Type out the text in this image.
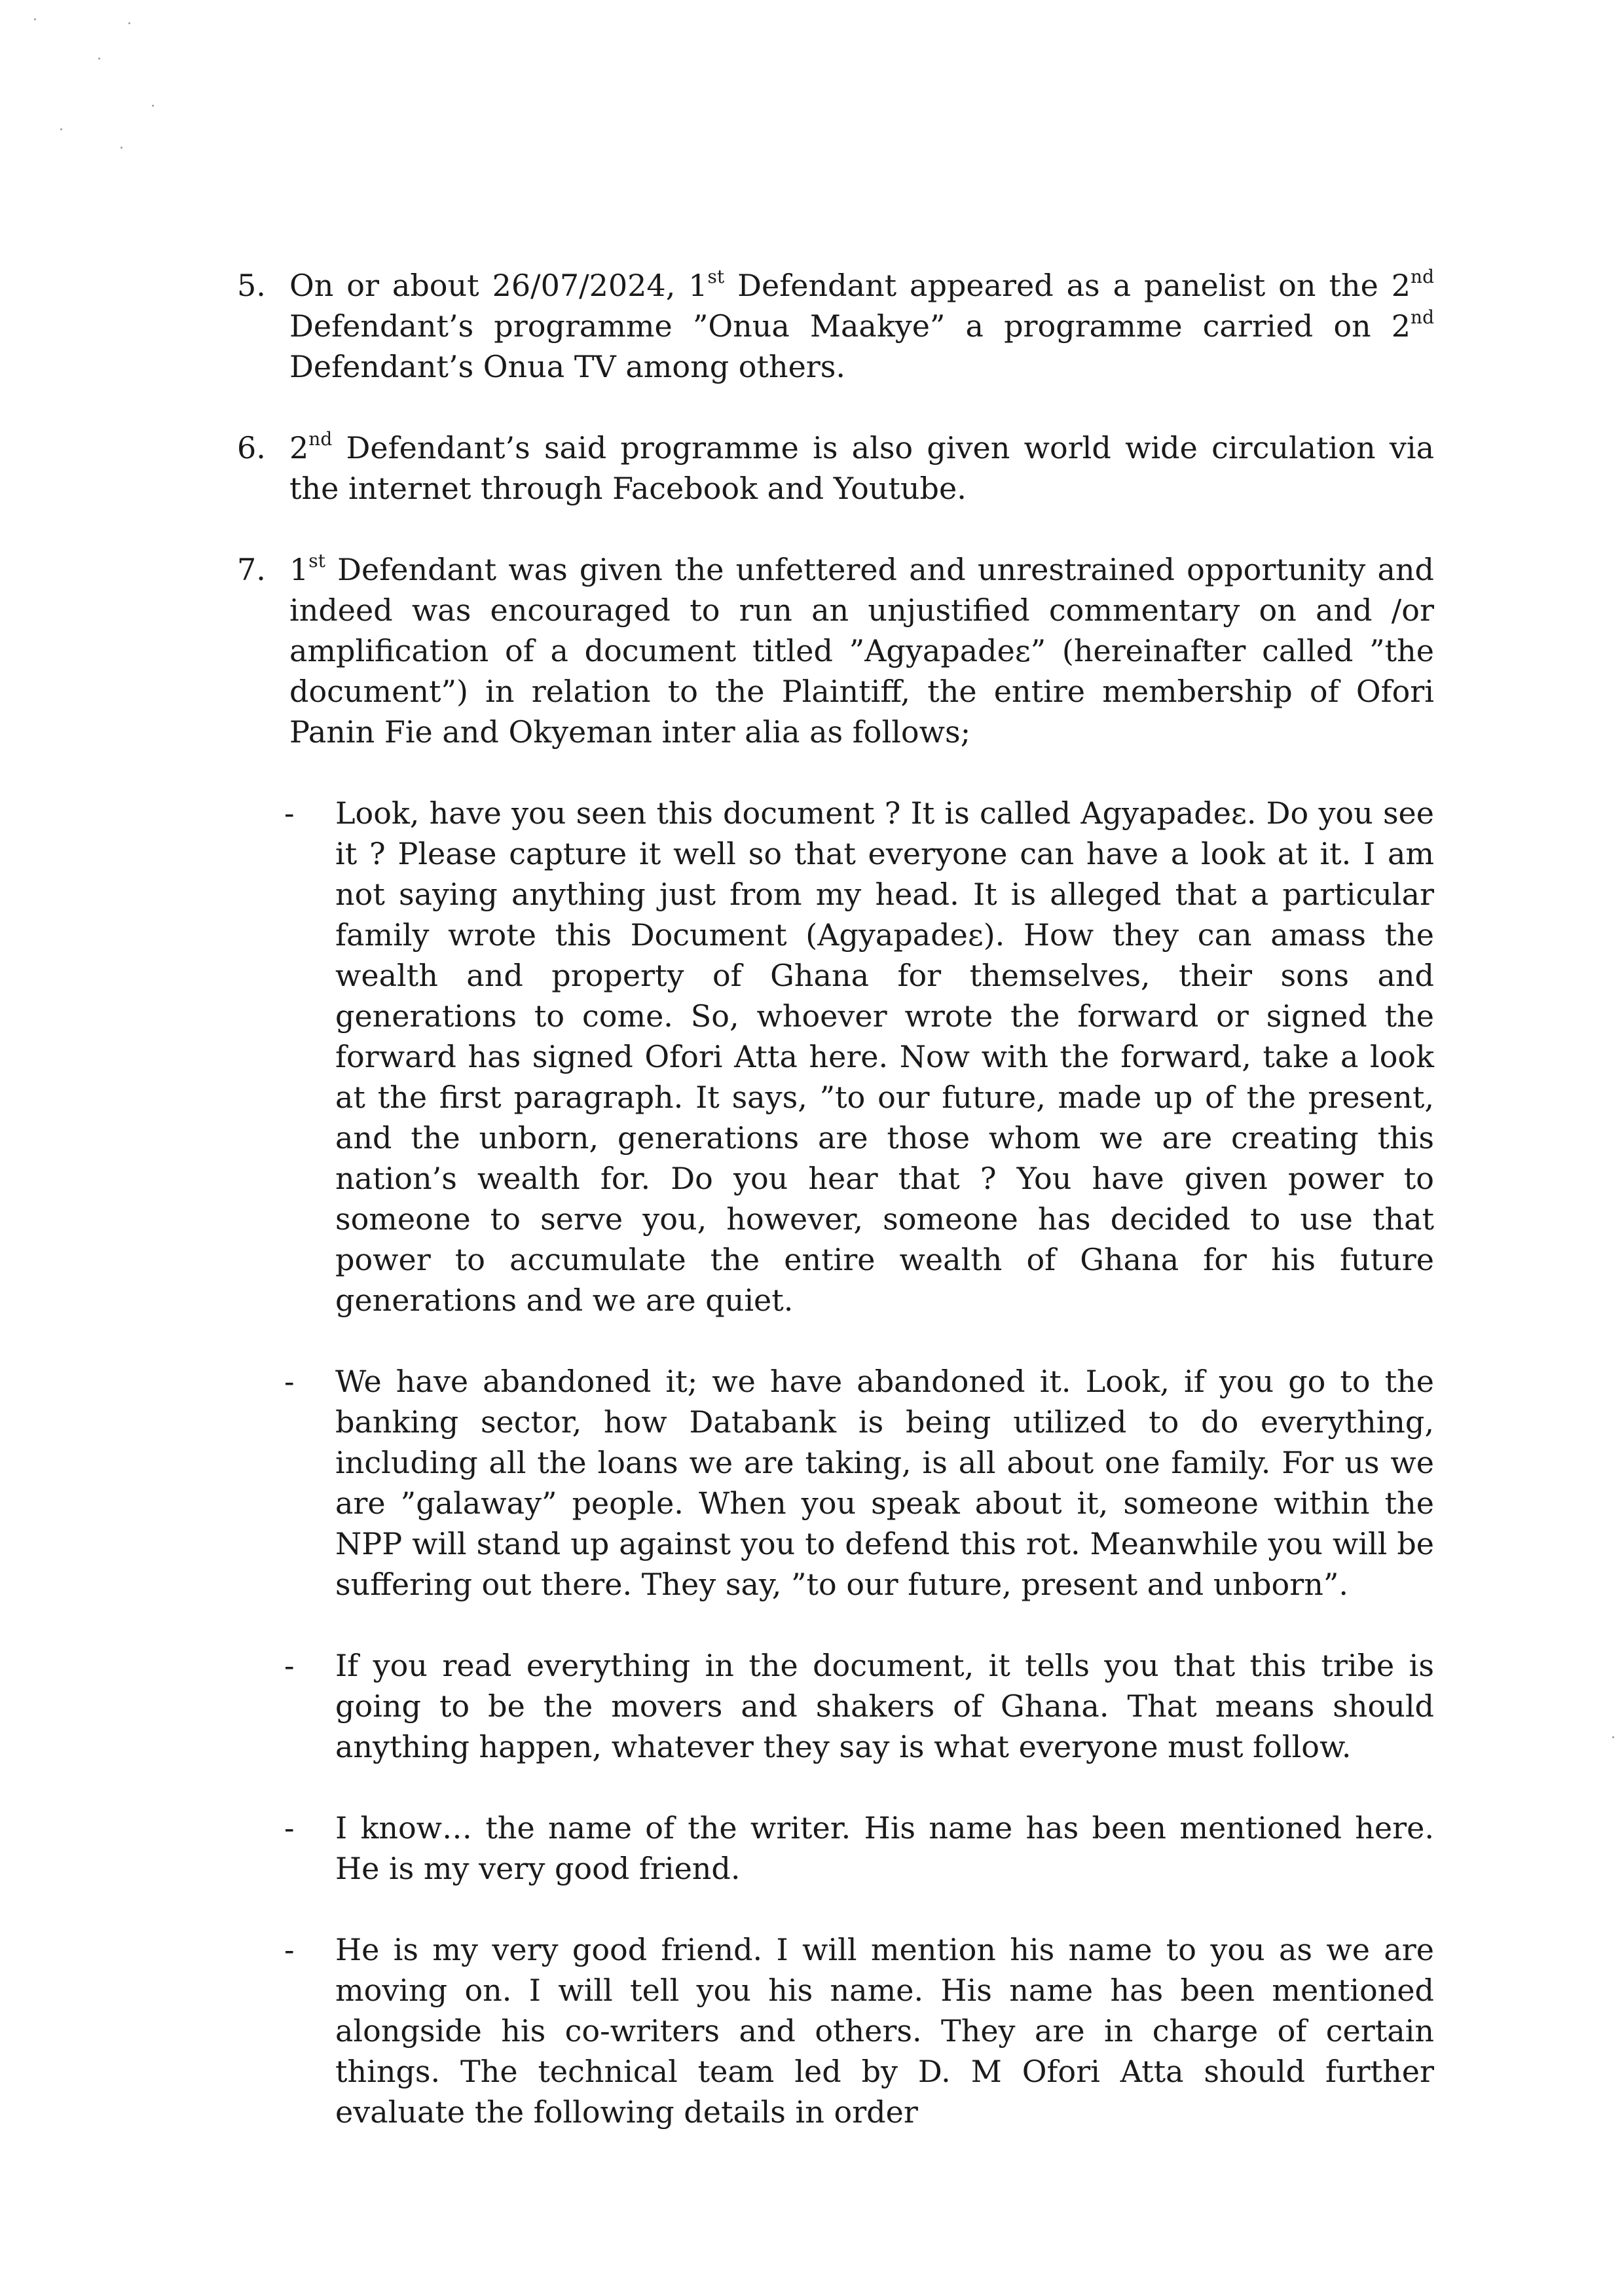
5. On or about 26/07/2024, 1st Defendant appeared as a panelist on the 2nd Defendant’s programme ”Onua Maakye” a programme carried on 2nd Defendant’s Onua TV among others.

6. 2nd Defendant’s said programme is also given world wide circulation via the internet through Facebook and Youtube.

7. 1st Defendant was given the unfettered and unrestrained opportunity and indeed was encouraged to run an unjustified commentary on and /or amplification of a document titled ”Agyapadeɛ” (hereinafter called ”the document”) in relation to the Plaintiff, the entire membership of Ofori Panin Fie and Okyeman inter alia as follows;

- Look, have you seen this document ? It is called Agyapadeɛ. Do you see it ? Please capture it well so that everyone can have a look at it. I am not saying anything just from my head. It is alleged that a particular family wrote this Document (Agyapadeɛ). How they can amass the wealth and property of Ghana for themselves, their sons and generations to come. So, whoever wrote the forward or signed the forward has signed Ofori Atta here. Now with the forward, take a look at the first paragraph. It says, ”to our future, made up of the present, and the unborn, generations are those whom we are creating this nation’s wealth for. Do you hear that ? You have given power to someone to serve you, however, someone has decided to use that power to accumulate the entire wealth of Ghana for his future generations and we are quiet.

- We have abandoned it; we have abandoned it. Look, if you go to the banking sector, how Databank is being utilized to do everything, including all the loans we are taking, is all about one family. For us we are ”galaway” people. When you speak about it, someone within the NPP will stand up against you to defend this rot. Meanwhile you will be suffering out there. They say, ”to our future, present and unborn”.

- If you read everything in the document, it tells you that this tribe is going to be the movers and shakers of Ghana. That means should anything happen, whatever they say is what everyone must follow.

- I know… the name of the writer. His name has been mentioned here. He is my very good friend.

- He is my very good friend. I will mention his name to you as we are moving on. I will tell you his name. His name has been mentioned alongside his co-writers and others. They are in charge of certain things. The technical team led by D. M Ofori Atta should further evaluate the following details in order
